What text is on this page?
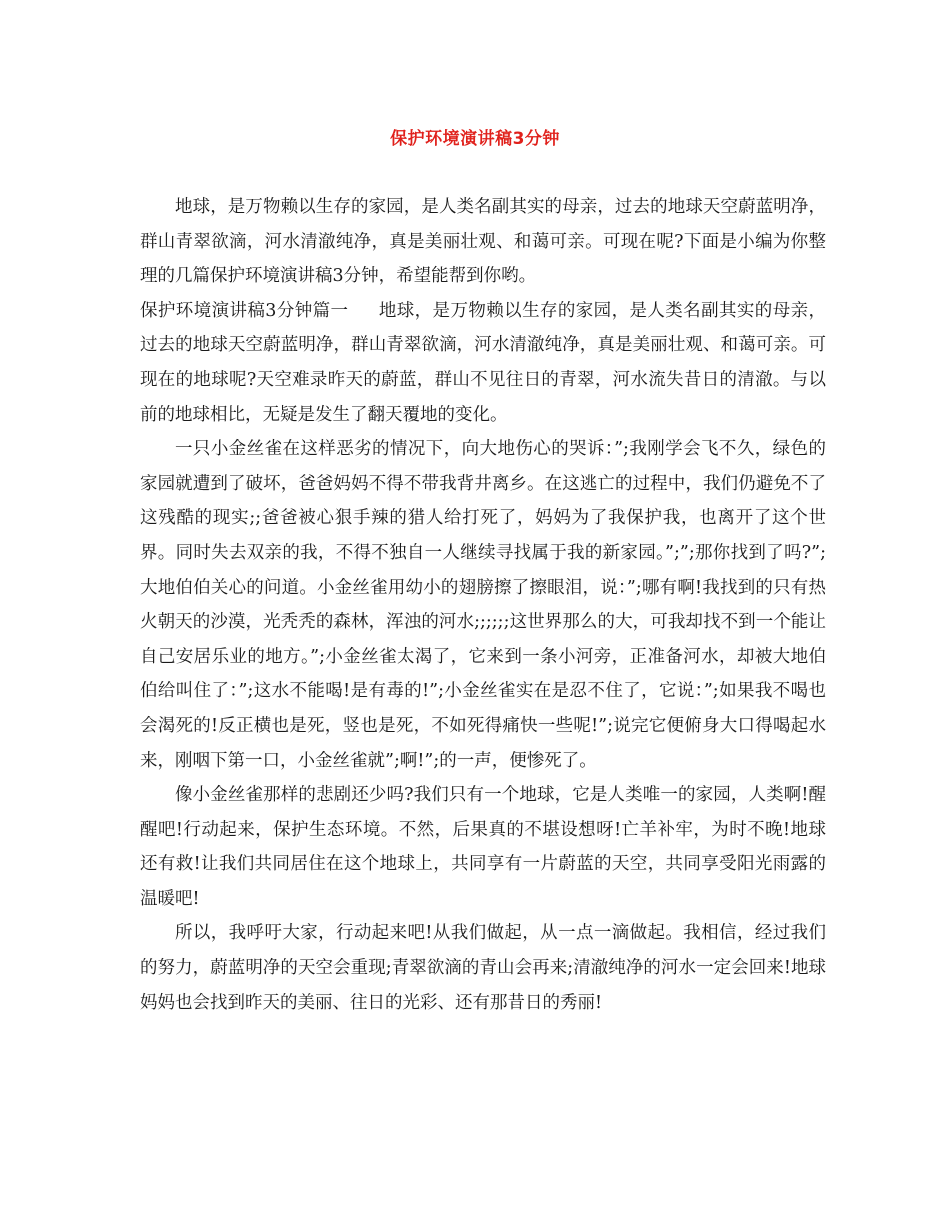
保护环境演讲稿3分钟

地球，是万物赖以生存的家园，是人类名副其实的母亲，过去的地球天空蔚蓝明净，群山青翠欲滴，河水清澈纯净，真是美丽壮观、和蔼可亲。可现在呢?下面是小编为你整理的几篇保护环境演讲稿3分钟，希望能帮到你哟。

保护环境演讲稿3分钟篇一 地球，是万物赖以生存的家园，是人类名副其实的母亲，过去的地球天空蔚蓝明净，群山青翠欲滴，河水清澈纯净，真是美丽壮观、和蔼可亲。可现在的地球呢?天空难录昨天的蔚蓝，群山不见往日的青翠，河水流失昔日的清澈。与以前的地球相比，无疑是发生了翻天覆地的变化。

一只小金丝雀在这样恶劣的情况下，向大地伤心的哭诉：”;我刚学会飞不久，绿色的家园就遭到了破坏，爸爸妈妈不得不带我背井离乡。在这逃亡的过程中，我们仍避免不了这残酷的现实;;爸爸被心狠手辣的猎人给打死了，妈妈为了我保护我，也离开了这个世界。同时失去双亲的我，不得不独自一人继续寻找属于我的新家园。”;”;那你找到了吗?”;大地伯伯关心的问道。小金丝雀用幼小的翅膀擦了擦眼泪，说：”;哪有啊!我找到的只有热火朝天的沙漠，光秃秃的森林，浑浊的河水;;;;;;这世界那么的大，可我却找不到一个能让自己安居乐业的地方。”;小金丝雀太渴了，它来到一条小河旁，正准备河水，却被大地伯伯给叫住了：”;这水不能喝!是有毒的!”;小金丝雀实在是忍不住了，它说：”;如果我不喝也会渴死的!反正横也是死，竖也是死，不如死得痛快一些呢!”;说完它便俯身大口得喝起水来，刚咽下第一口，小金丝雀就”;啊!”;的一声，便惨死了。

像小金丝雀那样的悲剧还少吗?我们只有一个地球，它是人类唯一的家园，人类啊!醒醒吧!行动起来，保护生态环境。不然，后果真的不堪设想呀!亡羊补牢，为时不晚!地球还有救!让我们共同居住在这个地球上，共同享有一片蔚蓝的天空，共同享受阳光雨露的温暖吧!

所以，我呼吁大家，行动起来吧!从我们做起，从一点一滴做起。我相信，经过我们的努力，蔚蓝明净的天空会重现;青翠欲滴的青山会再来;清澈纯净的河水一定会回来!地球妈妈也会找到昨天的美丽、往日的光彩、还有那昔日的秀丽!
